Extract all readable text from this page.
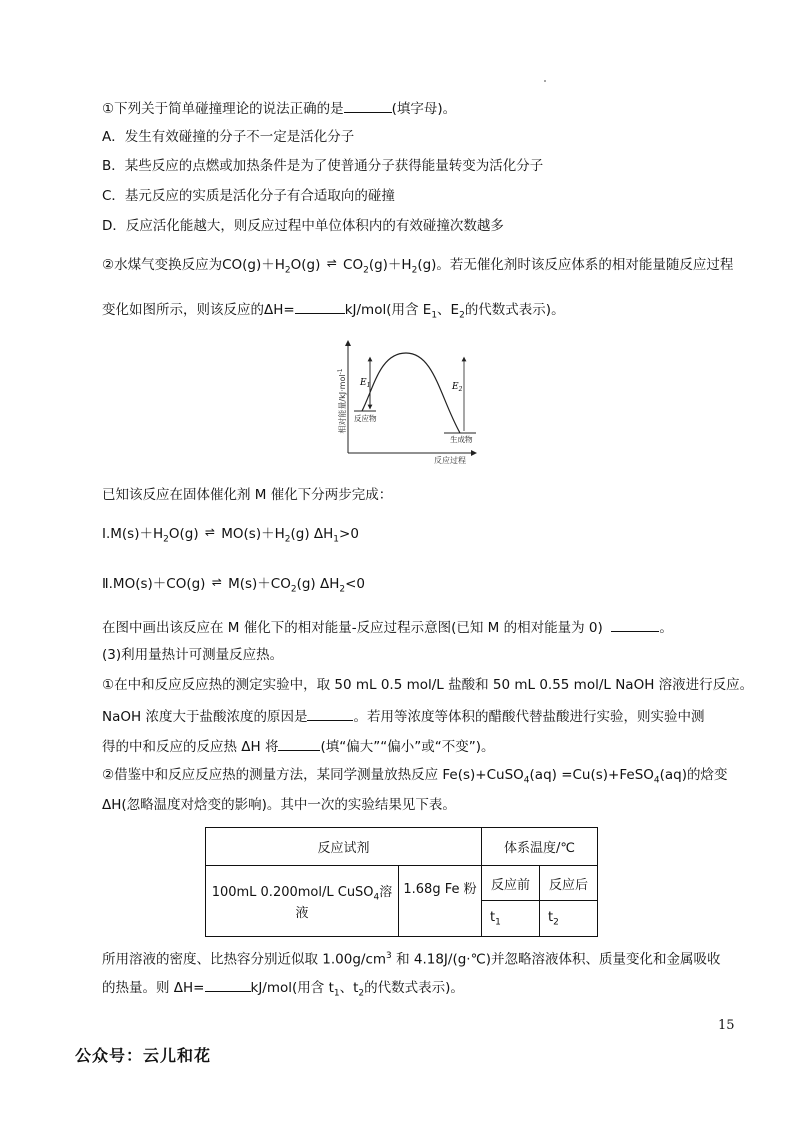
①下列关于简单碰撞理论的说法正确的是	(填字母)。
A．发生有效碰撞的分子不一定是活化分子
B．某些反应的点燃或加热条件是为了使普通分子获得能量转变为活化分子
C．基元反应的实质是活化分子有合适取向的碰撞
D．反应活化能越大，则反应过程中单位体积内的有效碰撞次数越多
②水煤气变换反应为$CO(g)+H_2O(g)$ ⇌ $CO_2(g)+H_2(g)$。若无催化剂时该反应体系的相对能量随反应过程
变化如图所示，则该反应的ΔH=	kJ/mol(用含 $E_1$、$E_2$的代数式表示)。
相对能量/kJ·mol$^{-1}$
$E_1$	$E_2$
反应物
生成物
反应过程
已知该反应在固体催化剂 M 催化下分两步完成：
$Ⅰ.M(s)+H_2O(g)$ ⇌ $MO(s)+H_2(g)$ $\Delta H_1>0$
Ⅱ.MO(s)＋CO(g) ⇌ $M(s)+CO_2(g)$ $\Delta H_2<0$
在图中画出该反应在 M 催化下的相对能量-反应过程示意图(已知 M 的相对能量为 0)	。
(3)利用量热计可测量反应热。
①在中和反应反应热的测定实验中，取 50 mL 0.5 mol/L 盐酸和 50 mL 0.55 mol/L NaOH 溶液进行反应。
NaOH 浓度大于盐酸浓度的原因是	。若用等浓度等体积的醋酸代替盐酸进行实验，则实验中测
得的中和反应的反应热 ΔH 将	(填“偏大”“偏小”或“不变”)。
②借鉴中和反应反应热的测量方法，某同学测量放热反应 Fe(s)+CuSO$_4$(aq) =Cu(s)+FeSO$_4$(aq)的焓变
ΔH(忽略温度对焓变的影响)。其中一次的实验结果见下表。
反应试剂		体系温度/℃	
100mL 0.200mol/L CuSO$_4$溶液	1.68g Fe 粉	反应前	反应后
		$t_1$	$t_2$
所用溶液的密度、比热容分别近似取 $1.00g/cm^3$ 和 4.18J/(g·℃)并忽略溶液体积、质量变化和金属吸收
的热量。则 ΔH=	kJ/mol(用含 $t_1$、$t_2$的代数式表示)。
15
公众号：云儿和花
